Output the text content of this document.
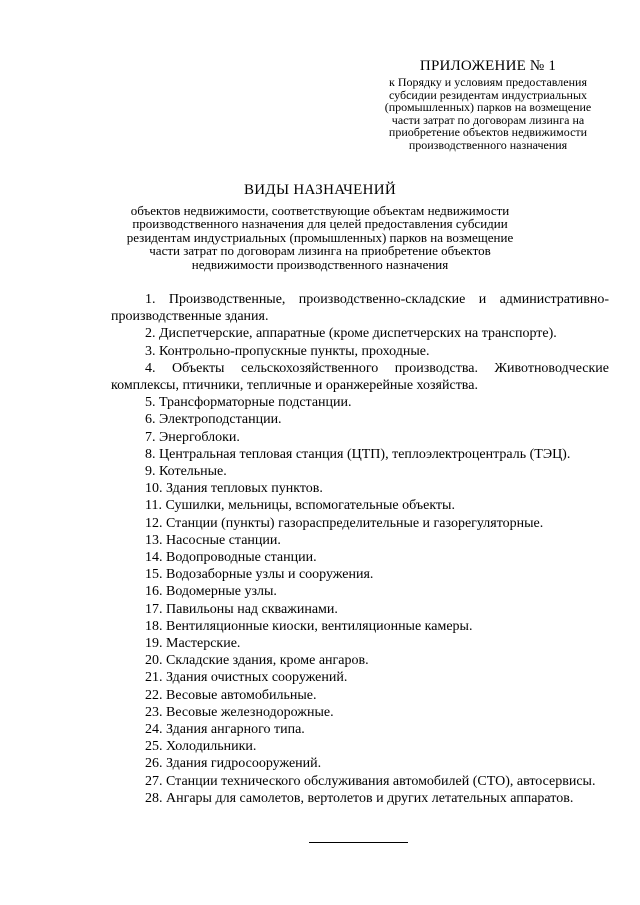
ПРИЛОЖЕНИЕ № 1
к Порядку и условиям предоставления
субсидии резидентам индустриальных
(промышленных) парков на возмещение
части затрат по договорам лизинга на
приобретение объектов недвижимости
производственного назначения
ВИДЫ НАЗНАЧЕНИЙ
объектов недвижимости, соответствующие объектам недвижимости
производственного назначения для целей предоставления субсидии
резидентам индустриальных (промышленных) парков на возмещение
части затрат по договорам лизинга на приобретение объектов
недвижимости производственного назначения

1. Производственные, производственно-складские и административно-производственные здания.

2. Диспетчерские, аппаратные (кроме диспетчерских на транспорте).

3. Контрольно-пропускные пункты, проходные.

4. Объекты сельскохозяйственного производства. Животноводческие комплексы, птичники, тепличные и оранжерейные хозяйства.

5. Трансформаторные подстанции.

6. Электроподстанции.

7. Энергоблоки.

8. Центральная тепловая станция (ЦТП), теплоэлектроцентраль (ТЭЦ).

9. Котельные.

10. Здания тепловых пунктов.

11. Сушилки, мельницы, вспомогательные объекты.

12. Станции (пункты) газораспределительные и газорегуляторные.

13. Насосные станции.

14. Водопроводные станции.

15. Водозаборные узлы и сооружения.

16. Водомерные узлы.

17. Павильоны над скважинами.

18. Вентиляционные киоски, вентиляционные камеры.

19. Мастерские.

20. Складские здания, кроме ангаров.

21. Здания очистных сооружений.

22. Весовые автомобильные.

23. Весовые железнодорожные.

24. Здания ангарного типа.

25. Холодильники.

26. Здания гидросооружений.

27. Станции технического обслуживания автомобилей (СТО), автосервисы.

28. Ангары для самолетов, вертолетов и других летательных аппаратов.
